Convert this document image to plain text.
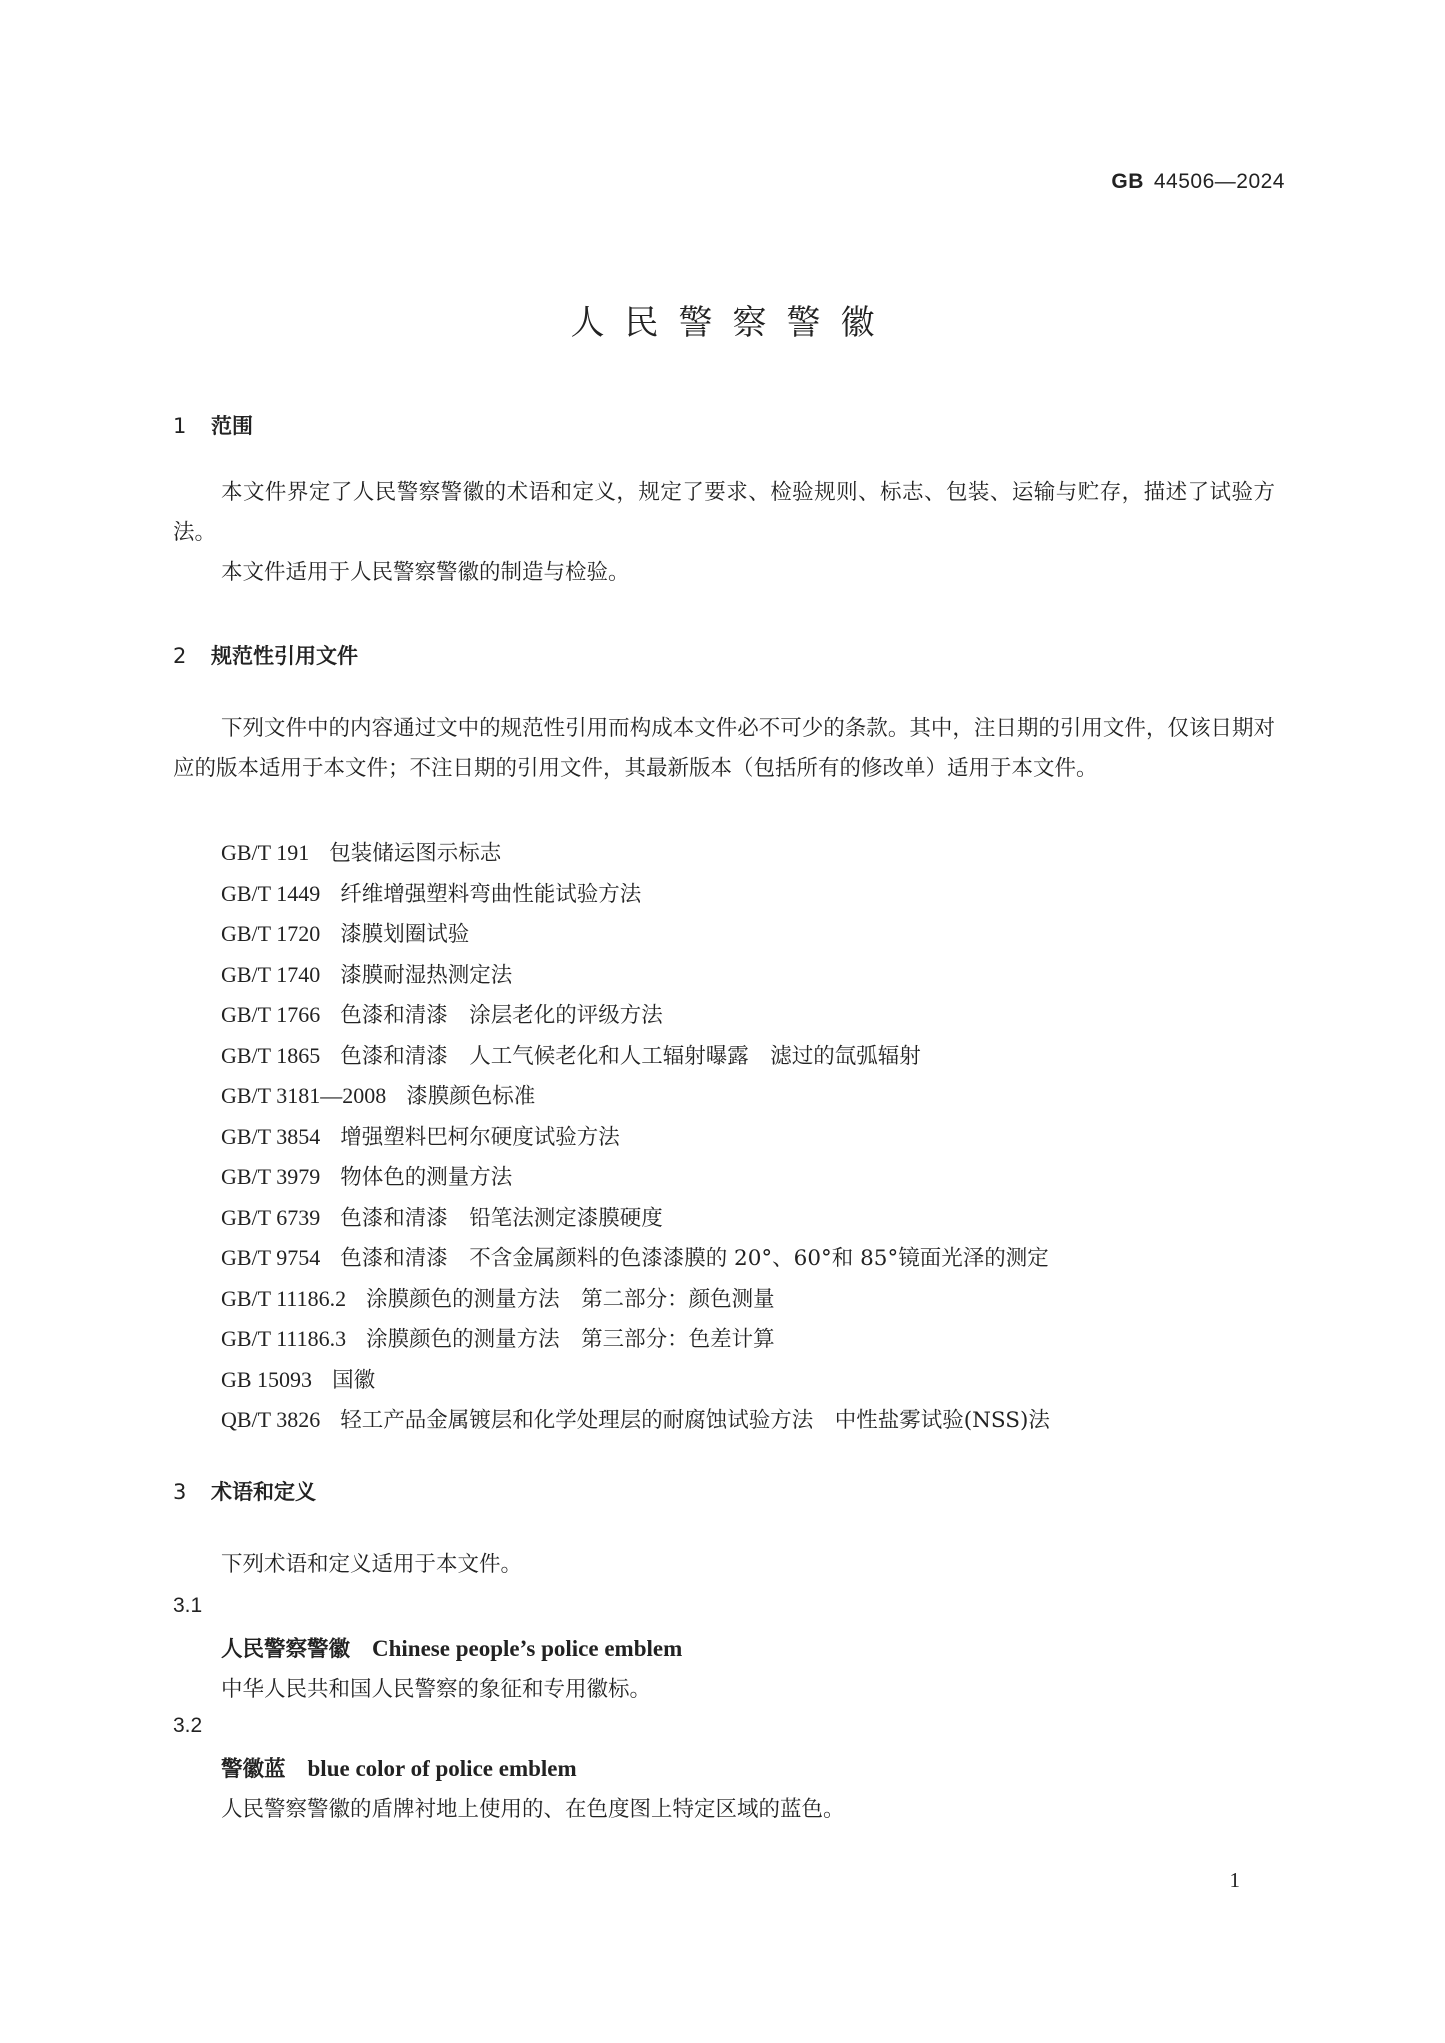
GB 44506—2024
人民警察警徽
1 范围

本文件界定了人民警察警徽的术语和定义，规定了要求、检验规则、标志、包装、运输与贮存，描述了试验方法。

本文件适用于人民警察警徽的制造与检验。

2 规范性引用文件

下列文件中的内容通过文中的规范性引用而构成本文件必不可少的条款。其中，注日期的引用文件，仅该日期对应的版本适用于本文件；不注日期的引用文件，其最新版本（包括所有的修改单）适用于本文件。

GB/T 191 包装储运图示标志
GB/T 1449 纤维增强塑料弯曲性能试验方法
GB/T 1720 漆膜划圈试验
GB/T 1740 漆膜耐湿热测定法
GB/T 1766 色漆和清漆　涂层老化的评级方法
GB/T 1865 色漆和清漆　人工气候老化和人工辐射曝露　滤过的氙弧辐射
GB/T 3181—2008 漆膜颜色标准
GB/T 3854 增强塑料巴柯尔硬度试验方法
GB/T 3979 物体色的测量方法
GB/T 6739 色漆和清漆　铅笔法测定漆膜硬度
GB/T 9754 色漆和清漆　不含金属颜料的色漆漆膜的 20°、60°和 85°镜面光泽的测定
GB/T 11186.2 涂膜颜色的测量方法　第二部分：颜色测量
GB/T 11186.3 涂膜颜色的测量方法　第三部分：色差计算
GB 15093 国徽
QB/T 3826 轻工产品金属镀层和化学处理层的耐腐蚀试验方法　中性盐雾试验(NSS)法
3 术语和定义

下列术语和定义适用于本文件。

3.1
人民警察警徽 Chinese people’s police emblem
中华人民共和国人民警察的象征和专用徽标。
3.2
警徽蓝 blue color of police emblem
人民警察警徽的盾牌衬地上使用的、在色度图上特定区域的蓝色。
1
